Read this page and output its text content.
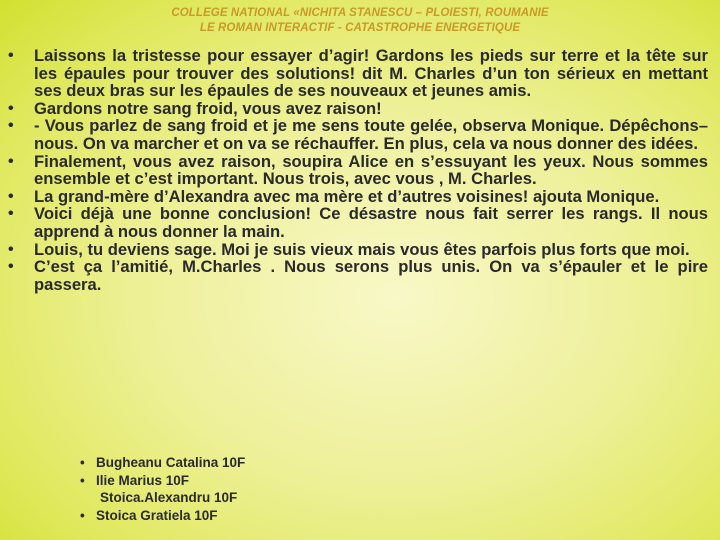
COLLEGE NATIONAL «NICHITA STANESCU – PLOIESTI, ROUMANIE
LE ROMAN INTERACTIF - CATASTROPHE ENERGETIQUE
• Laissons la tristesse pour essayer d’agir! Gardons les pieds sur terre et la tête sur les épaules pour trouver des solutions! dit M. Charles d’un ton sérieux en mettant ses deux bras sur les épaules de ses nouveaux et jeunes amis.
• Gardons notre sang froid, vous avez raison!
• - Vous parlez de sang froid et je me sens toute gelée, observa Monique. Dépêchons–nous. On va marcher et on va se réchauffer. En plus, cela va nous donner des idées.
• Finalement, vous avez raison, soupira Alice en s’essuyant les yeux. Nous sommes ensemble et c’est important. Nous trois, avec vous , M. Charles.
• La grand-mère d’Alexandra avec ma mère et d’autres voisines! ajouta Monique.
• Voici déjà une bonne conclusion! Ce désastre nous fait serrer les rangs. Il nous apprend à nous donner la main.
• Louis, tu deviens sage. Moi je suis vieux mais vous êtes parfois plus forts que moi.
• C’est ça l’amitié, M.Charles . Nous serons plus unis. On va s’épauler et le pire passera.
• Bugheanu Catalina 10F
• Ilie Marius 10F
Stoica.Alexandru 10F
• Stoica Gratiela 10F
